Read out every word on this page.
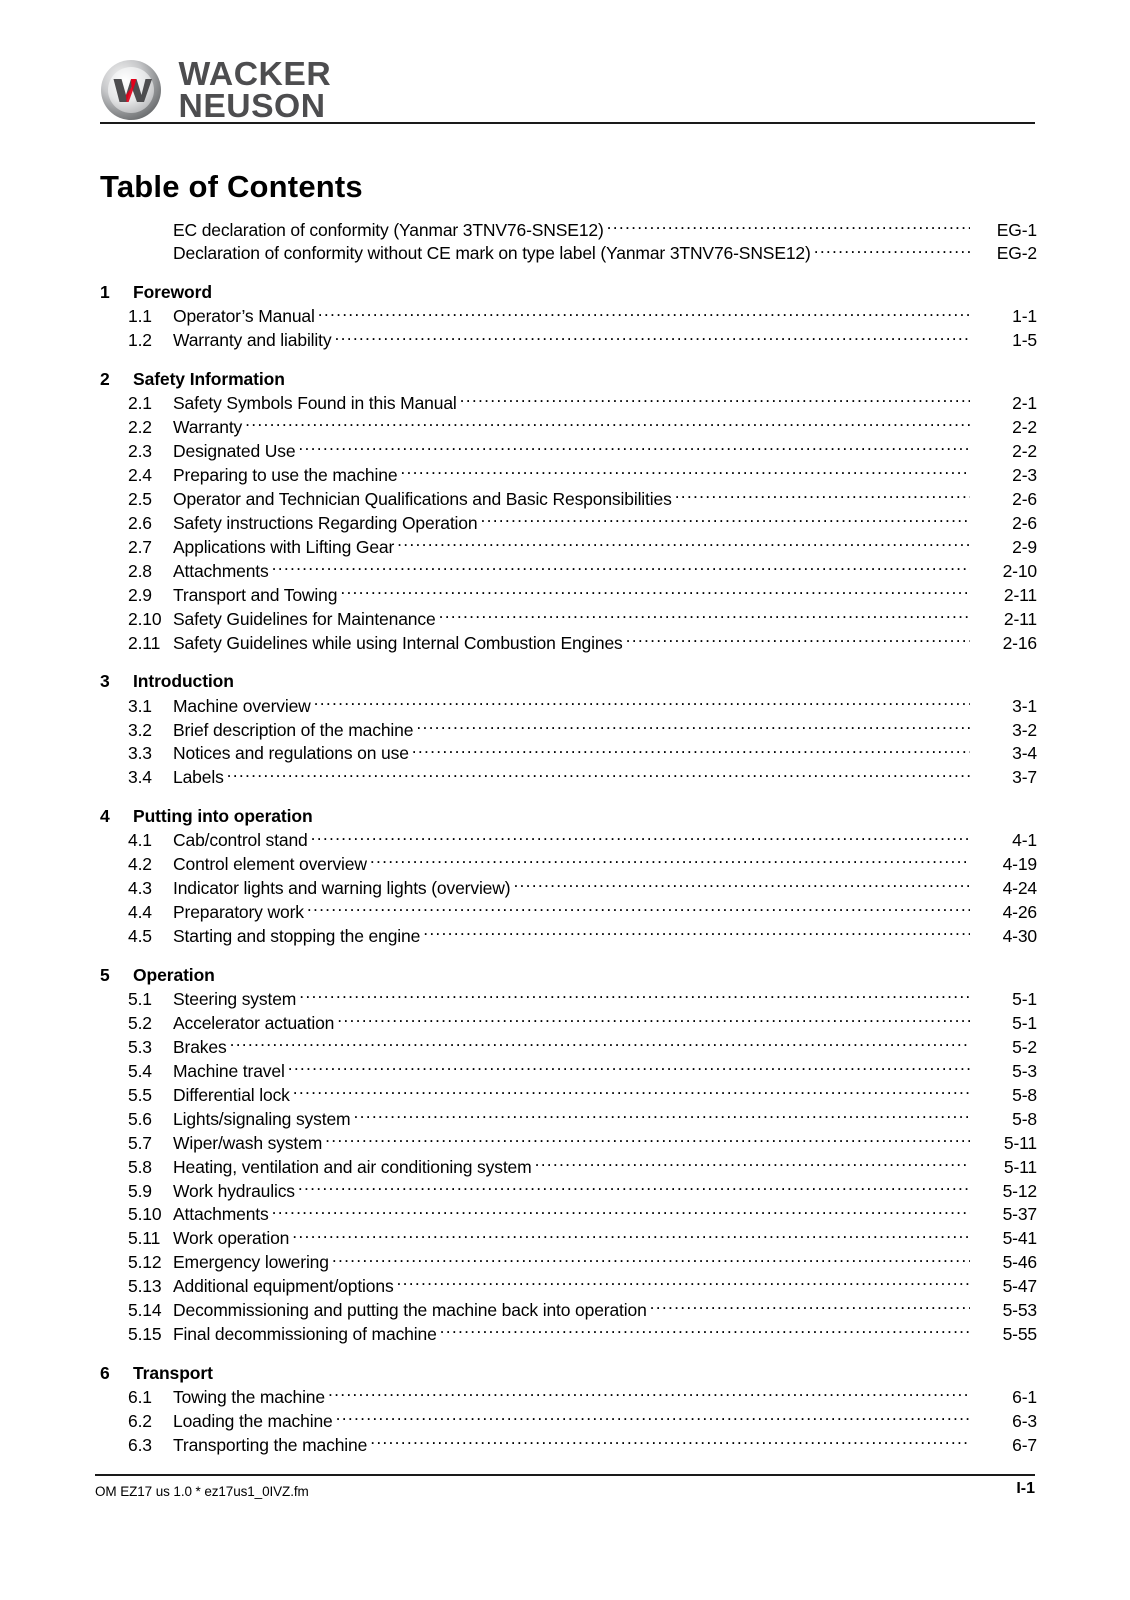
WACKER
NEUSON
Table of Contents
EC declaration of conformity (Yanmar 3TNV76-SNSE12) .....	EG-1
Declaration of conformity without CE mark on type label (Yanmar 3TNV76-SNSE12) .....	EG-2
1	Foreword
1.1	Operator’s Manual .....	1-1
1.2	Warranty and liability .....	1-5
2	Safety Information
2.1	Safety Symbols Found in this Manual .....	2-1
2.2	Warranty .....	2-2
2.3	Designated Use .....	2-2
2.4	Preparing to use the machine .....	2-3
2.5	Operator and Technician Qualifications and Basic Responsibilities .....	2-6
2.6	Safety instructions Regarding Operation .....	2-6
2.7	Applications with Lifting Gear .....	2-9
2.8	Attachments .....	2-10
2.9	Transport and Towing .....	2-11
2.10 Safety Guidelines for Maintenance .....	2-11
2.11 Safety Guidelines while using Internal Combustion Engines .....	2-16
3	Introduction
3.1	Machine overview .....	3-1
3.2	Brief description of the machine .....	3-2
3.3	Notices and regulations on use .....	3-4
3.4	Labels .....	3-7
4	Putting into operation
4.1	Cab/control stand .....	4-1
4.2	Control element overview .....	4-19
4.3	Indicator lights and warning lights (overview) .....	4-24
4.4	Preparatory work .....	4-26
4.5	Starting and stopping the engine .....	4-30
5	Operation
5.1	Steering system .....	5-1
5.2	Accelerator actuation .....	5-1
5.3	Brakes .....	5-2
5.4	Machine travel .....	5-3
5.5	Differential lock .....	5-8
5.6	Lights/signaling system .....	5-8
5.7	Wiper/wash system .....	5-11
5.8	Heating, ventilation and air conditioning system .....	5-11
5.9	Work hydraulics .....	5-12
5.10 Attachments .....	5-37
5.11 Work operation .....	5-41
5.12 Emergency lowering .....	5-46
5.13 Additional equipment/options .....	5-47
5.14 Decommissioning and putting the machine back into operation .....	5-53
5.15 Final decommissioning of machine .....	5-55
6	Transport
6.1	Towing the machine .....	6-1
6.2	Loading the machine .....	6-3
6.3	Transporting the machine .....	6-7
OM EZ17 us 1.0 * ez17us1_0IVZ.fm	I-1
